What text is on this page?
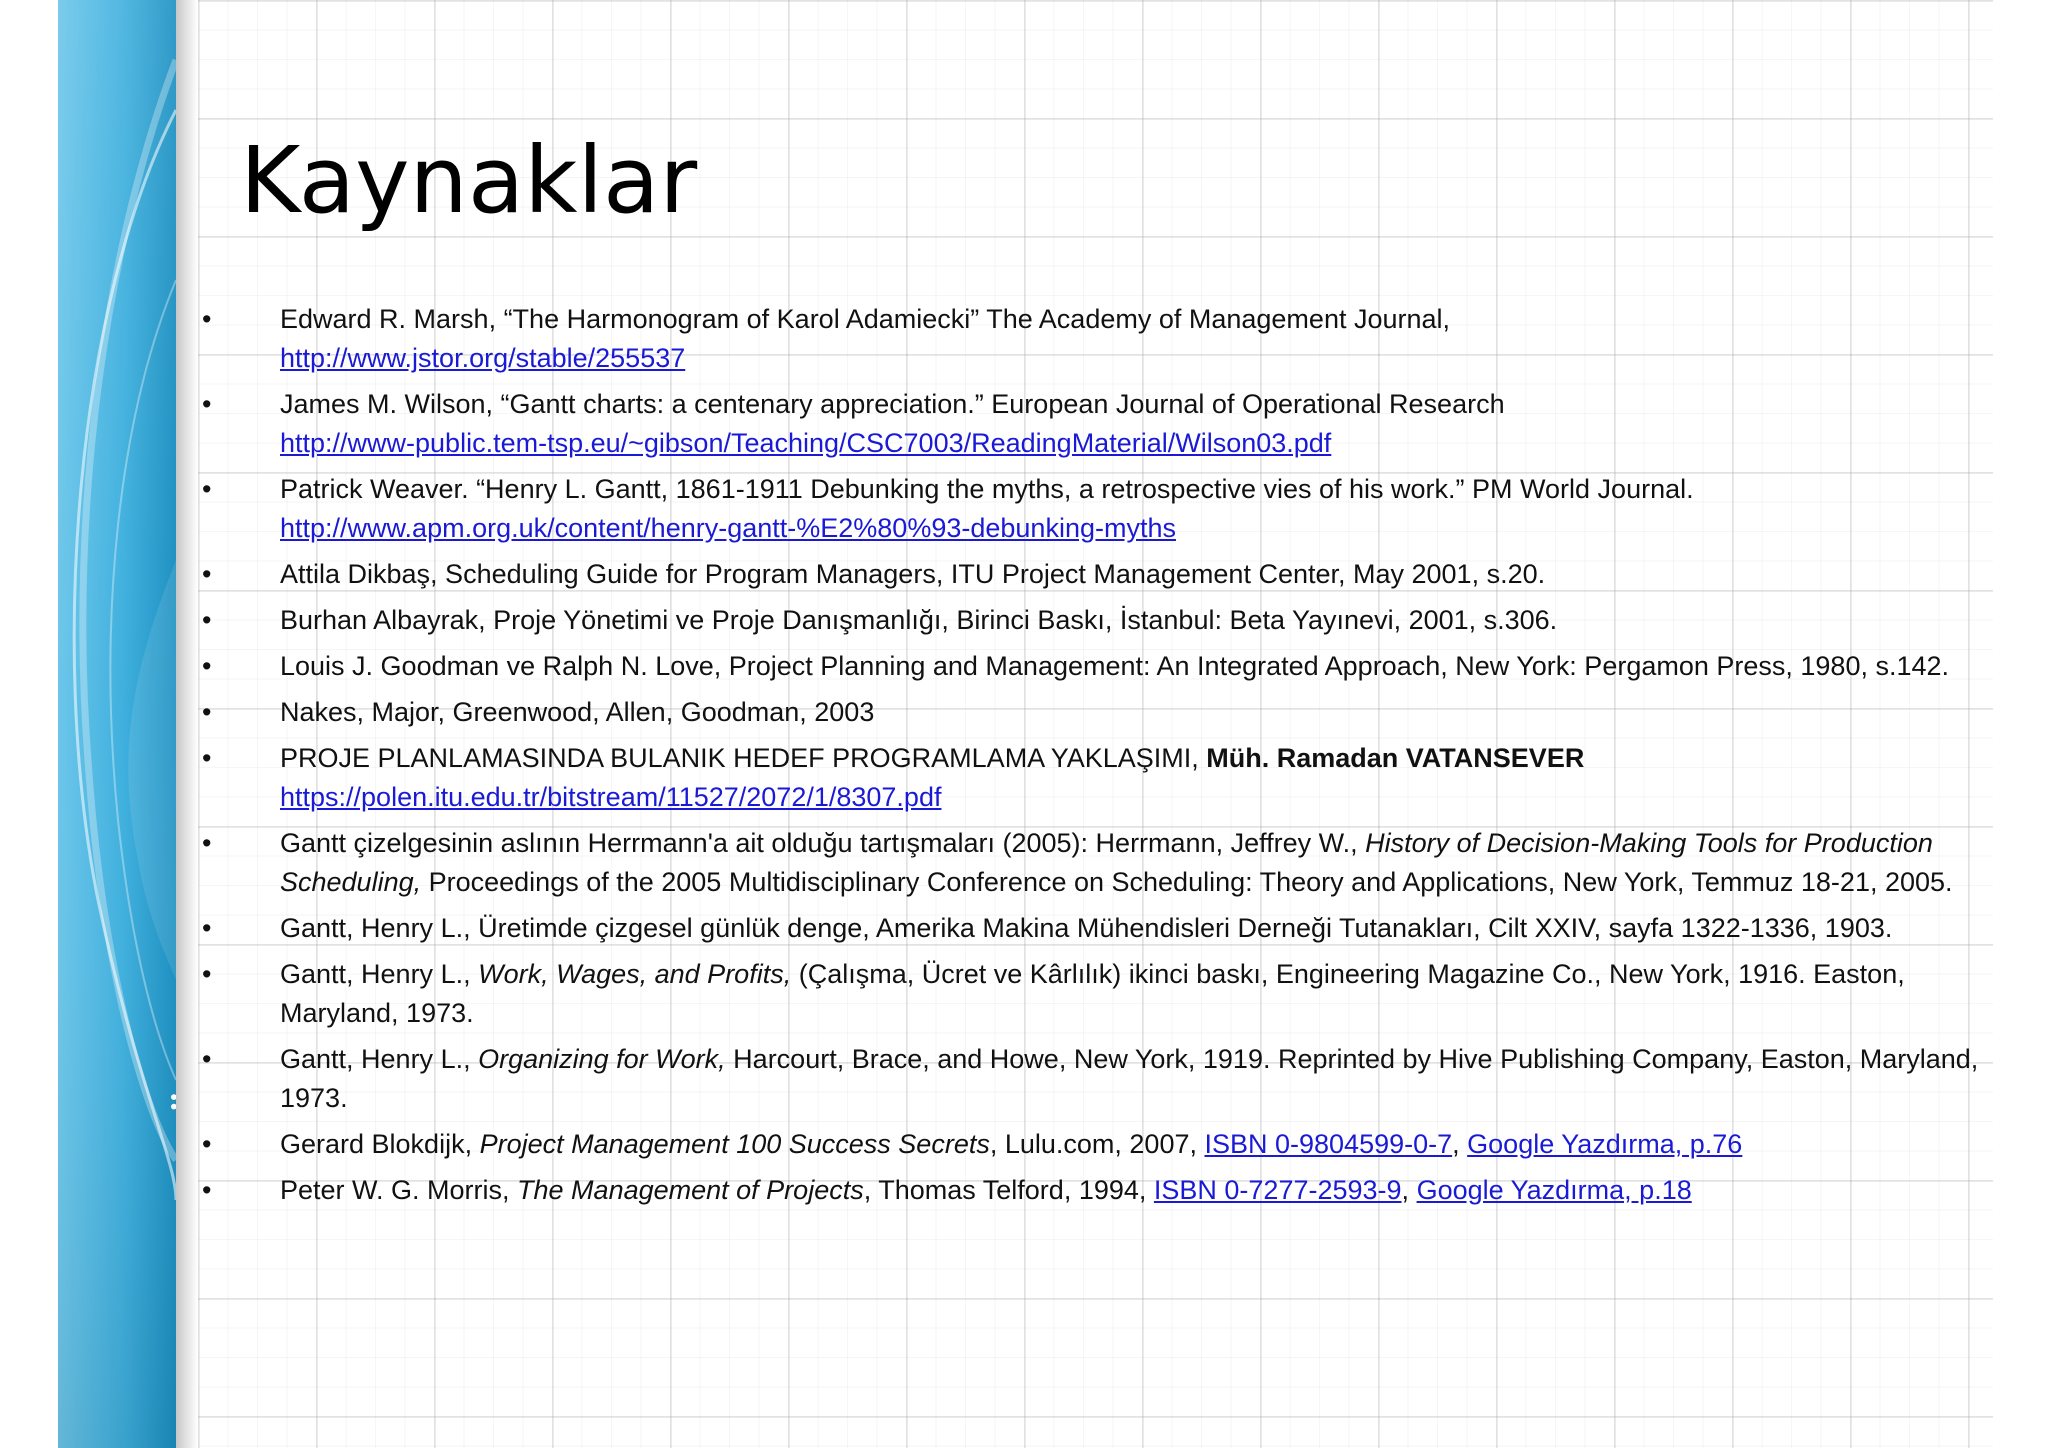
Kaynaklar
• Edward R. Marsh, “The Harmonogram of Karol Adamiecki” The Academy of Management Journal,
http://www.jstor.org/stable/255537
• James M. Wilson, “Gantt charts: a centenary appreciation.” European Journal of Operational Research
http://www-public.tem-tsp.eu/~gibson/Teaching/CSC7003/ReadingMaterial/Wilson03.pdf
• Patrick Weaver. “Henry L. Gantt, 1861-1911 Debunking the myths, a retrospective vies of his work.” PM World Journal.
http://www.apm.org.uk/content/henry-gantt-%E2%80%93-debunking-myths
• Attila Dikbaş, Scheduling Guide for Program Managers, ITU Project Management Center, May 2001, s.20.
• Burhan Albayrak, Proje Yönetimi ve Proje Danışmanlığı, Birinci Baskı, İstanbul: Beta Yayınevi, 2001, s.306.
• Louis J. Goodman ve Ralph N. Love, Project Planning and Management: An Integrated Approach, New York: Pergamon Press, 1980, s.142.
• Nakes, Major, Greenwood, Allen, Goodman, 2003
• PROJE PLANLAMASINDA BULANIK HEDEF PROGRAMLAMA YAKLAŞIMI, Müh. Ramadan VATANSEVER
https://polen.itu.edu.tr/bitstream/11527/2072/1/8307.pdf
• Gantt çizelgesinin aslının Herrmann'a ait olduğu tartışmaları (2005): Herrmann, Jeffrey W., History of Decision-Making Tools for Production Scheduling, Proceedings of the 2005 Multidisciplinary Conference on Scheduling: Theory and Applications, New York, Temmuz 18-21, 2005.
• Gantt, Henry L., Üretimde çizgesel günlük denge, Amerika Makina Mühendisleri Derneği Tutanakları, Cilt XXIV, sayfa 1322-1336, 1903.
• Gantt, Henry L., Work, Wages, and Profits, (Çalışma, Ücret ve Kârlılık) ikinci baskı, Engineering Magazine Co., New York, 1916. Easton, Maryland, 1973.
• Gantt, Henry L., Organizing for Work, Harcourt, Brace, and Howe, New York, 1919. Reprinted by Hive Publishing Company, Easton, Maryland, 1973.
• Gerard Blokdijk, Project Management 100 Success Secrets, Lulu.com, 2007, ISBN 0-9804599-0-7, Google Yazdırma, p.76
• Peter W. G. Morris, The Management of Projects, Thomas Telford, 1994, ISBN 0-7277-2593-9, Google Yazdırma, p.18
